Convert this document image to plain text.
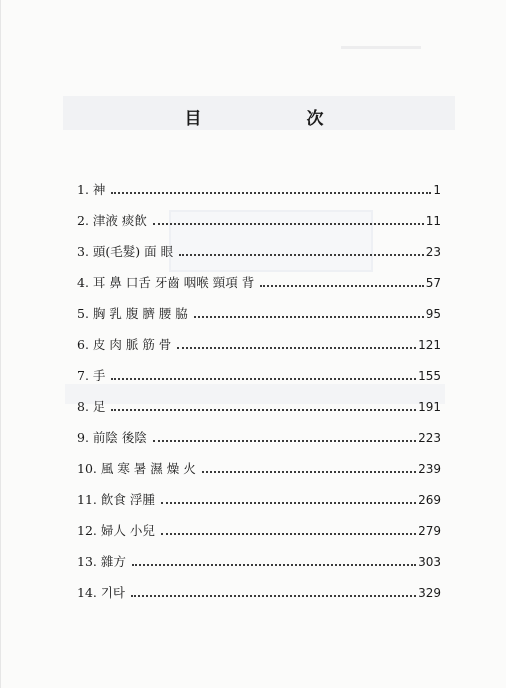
目　次
1. 神	1
2. 津液 痰飮	11
3. 頭(毛髮) 面 眼	23
4. 耳 鼻 口舌 牙齒 咽喉 頸項 背	57
5. 胸 乳 腹 臍 腰 脇	95
6. 皮 肉 脈 筋 骨	121
7. 手	155
8. 足	191
9. 前陰 後陰	223
10. 風 寒 暑 濕 燥 火	239
11. 飮食 浮腫	269
12. 婦人 小兒	279
13. 雜方	303
14. 기타	329
